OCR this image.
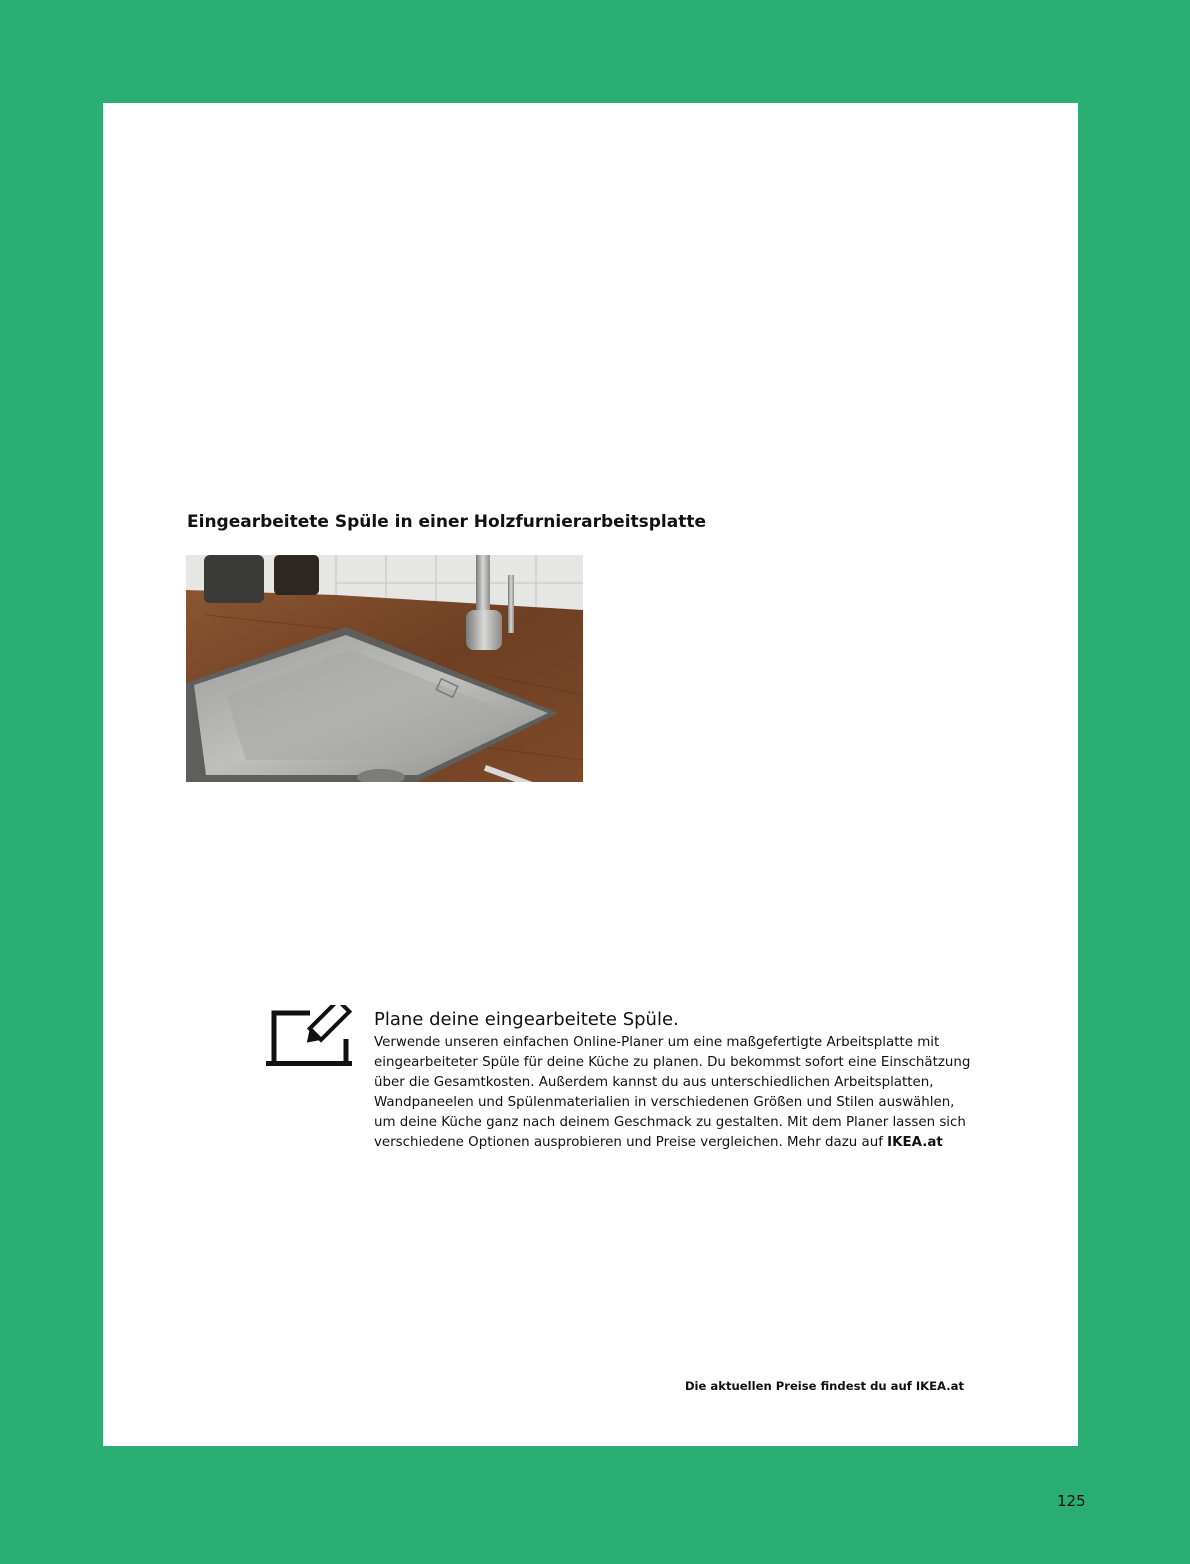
Eingearbeitete Spüle in einer Holzfurnierarbeitsplatte
Plane deine eingearbeitete Spüle.

Verwende unseren einfachen Online-Planer um eine maßgefertigte Arbeitsplatte mit eingearbeiteter Spüle für deine Küche zu planen. Du bekommst sofort eine Einschätzung über die Gesamtkosten. Außerdem kannst du aus unterschiedlichen Arbeitsplatten, Wandpaneelen und Spülenmaterialien in verschiedenen Größen und Stilen auswählen, um deine Küche ganz nach deinem Geschmack zu gestalten. Mit dem Planer lassen sich verschiedene Optionen ausprobieren und Preise vergleichen. Mehr dazu auf IKEA.at

Die aktuellen Preise findest du auf IKEA.at

125
